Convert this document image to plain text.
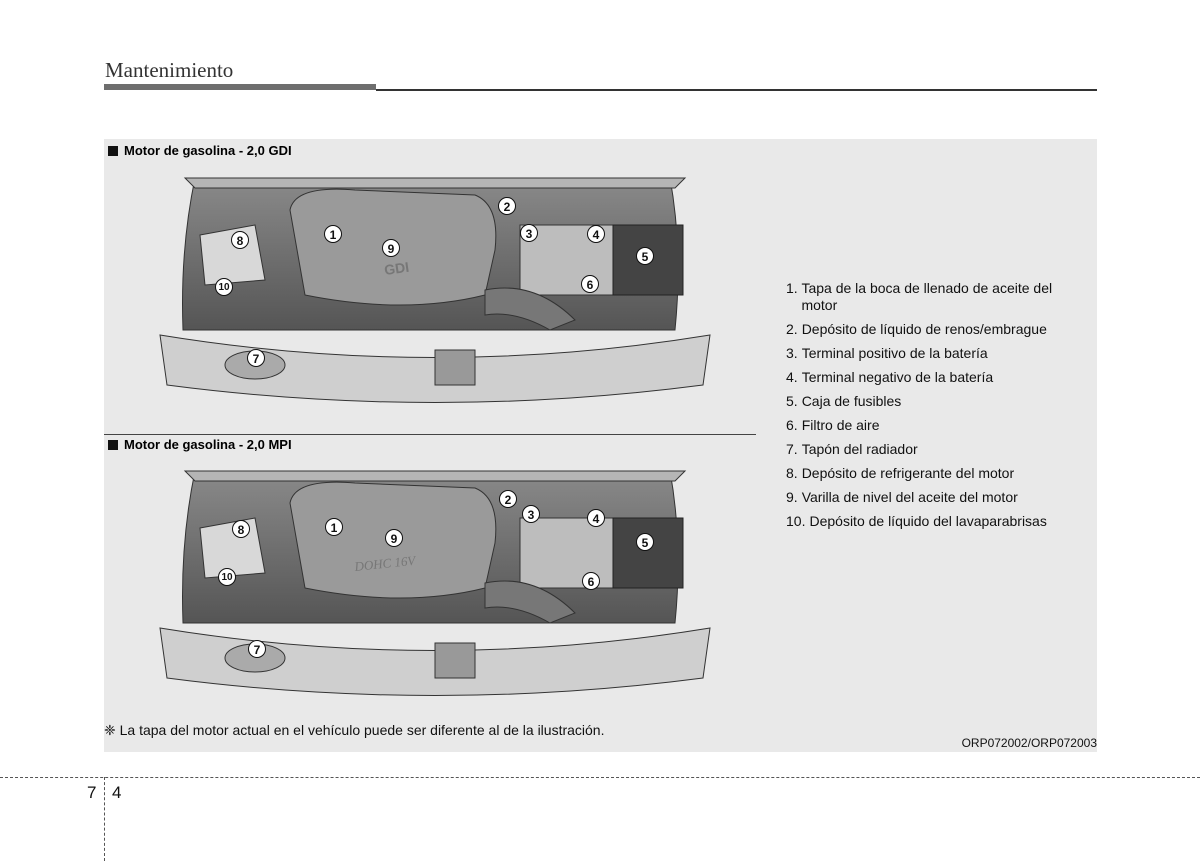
Mantenimiento
Motor de gasolina - 2,0 GDI
GDI
1
2
3	4
5
6
7
8
9
10
Motor de gasolina - 2,0 MPI
DOHC 16V
1
2
3	4
5
6
7
8
9
10
1. Tapa de la boca de llenado de aceite del motor
2. Depósito de líquido de renos/embrague
3. Terminal positivo de la batería
4. Terminal negativo de la batería
5. Caja de fusibles
6. Filtro de aire
7. Tapón del radiador
8. Depósito de refrigerante del motor
9. Varilla de nivel del aceite del motor
10. Depósito de líquido del lavaparabrisas
❈ La tapa del motor actual en el vehículo puede ser diferente al de la ilustración.
ORP072002/ORP072003
7 4
